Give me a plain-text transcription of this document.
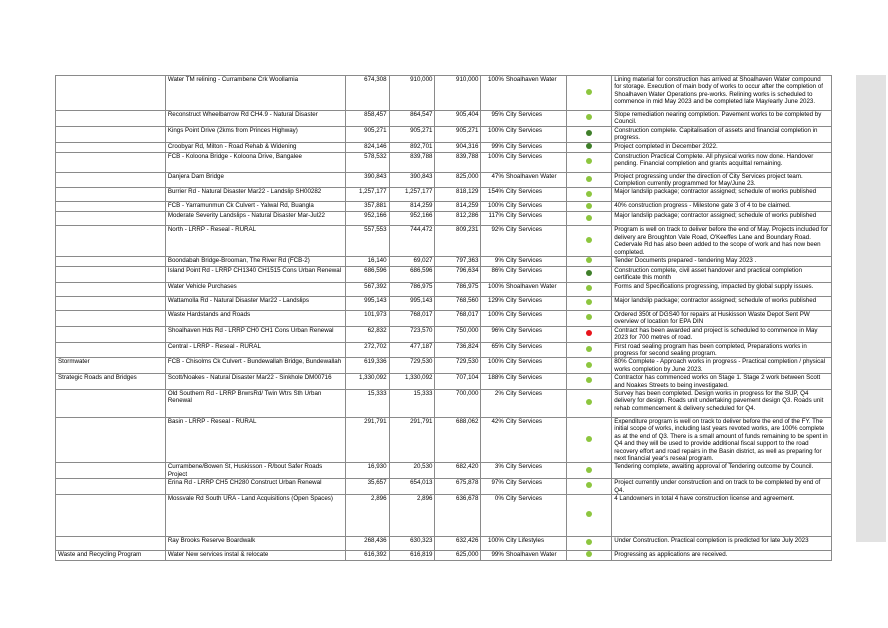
	Water TM relining - Currambene Crk Woollamia	674,308	910,000	910,000	100%	Shoalhaven Water		Lining material for construction has arrived at Shoalhaven Water compound for storage. Execution of main body of works to occur after the completion of Shoalhaven Water Operations pre-works. Relining works is scheduled to commence in mid May 2023 and be completed late May/early June 2023.
	Reconstruct Wheelbarrow Rd CH4.9 - Natural Disaster	858,457	864,547	905,404	95%	City Services		Slope remediation nearing completion. Pavement works to be completed by Council.
	Kings Point Drive (2kms from Princes Highway)	905,271	905,271	905,271	100%	City Services		Construction complete. Capitalisation of assets and financial completion in progress.
	Croobyar Rd, Milton - Road Rehab & Widening	824,146	892,701	904,316	99%	City Services		Project completed in December 2022.
	FCB - Koloona Bridge - Koloona Drive, Bangalee	578,532	839,788	839,788	100%	City Services		Construction Practical Complete. All physical works now done. Handover pending. Financial completion and grants acquittal remaining.
	Danjera Dam Bridge	390,843	390,843	825,000	47%	Shoalhaven Water		Project progressing under the direction of City Services project team. Completion currently programmed for May/June 23.
	Burrier Rd - Natural Disaster Mar22 - Landslip SH00282	1,257,177	1,257,177	818,129	154%	City Services		Major landslip package; contractor assigned; schedule of works published
	FCB - Yarramunmun Ck Culvert - Yalwal Rd, Buangla	357,881	814,259	814,259	100%	City Services		40% construction progress - Milestone gate 3 of 4 to be claimed.
	Moderate Severity Landslips - Natural Disaster Mar-Jul22	952,166	952,166	812,286	117%	City Services		Major landslip package; contractor assigned; schedule of works published
	North - LRRP - Reseal - RURAL	557,553	744,472	809,231	92%	City Services		Program is well on track to deliver before the end of May. Projects included for delivery are Broughton Vale Road, O'Keeffes Lane and Boundary Road. Cedervale Rd has also been added to the scope of work and has now been completed.
	Boondabah Bridge-Brooman, The River Rd (FCB-2)	16,140	69,027	797,363	9%	City Services		Tender Documents prepared - tendering May 2023 .
	Island Point Rd - LRRP CH1340 CH1515 Cons Urban Renewal	686,596	686,596	796,634	86%	City Services		Construction complete, civil asset handover and practical completion certificate this month
	Water Vehicle Purchases	567,392	786,975	786,975	100%	Shoalhaven Water		Forms and Specifications progressing, impacted by global supply issues.
	Wattamolla Rd - Natural Disaster Mar22 - Landslips	995,143	995,143	768,560	129%	City Services		Major landslip package; contractor assigned; schedule of works published
	Waste Hardstands and Roads	101,973	768,017	768,017	100%	City Services		Ordered 350t of DGS40 for repairs at Huskisson Waste Depot Sent PW overview of location for EPA DIN
	Shoalhaven Hds Rd - LRRP CH0 CH1 Cons Urban Renewal	62,832	723,570	750,000	96%	City Services		Contract has been awarded and project is scheduled to commence in May 2023 for 700 metres of road.
	Central - LRRP - Reseal - RURAL	272,702	477,187	736,824	65%	City Services		First road sealing program has been completed, Preparations works in progress for second sealing program.
Stormwater	FCB - Chisolms Ck Culvert - Bundewallah Bridge, Bundewallah	619,336	729,530	729,530	100%	City Services		80% Complete - Approach works in progress - Practical completion / physical works completion by June 2023.
Strategic Roads and Bridges	Scott/Noakes - Natural Disaster Mar22 - Sinkhole DM00716	1,330,092	1,330,092	707,104	188%	City Services		Contractor has commenced works on Stage 1. Stage 2 work between Scott and Noakes Streets to being investigated.
	Old Southern Rd - LRRP BrwrsRd/ Twin Wtrs Sth Urban Renewal	15,333	15,333	700,000	2%	City Services		Survey has been completed. Design works in progress for the SUP, Q4 delivery for design. Roads unit undertaking pavement design Q3. Roads unit rehab commencement & delivery scheduled for Q4.
	Basin - LRRP - Reseal - RURAL	291,791	291,791	688,062	42%	City Services		Expenditure program is well on track to deliver before the end of the FY. The initial scope of works, including last years revoted works, are 100% complete as at the end of Q3. There is a small amount of funds remaining to be spent in Q4 and they will be used to provide additional fiscal support to the road recovery effort and road repairs in the Basin district, as well as preparing for next financial year's reseal program.
	Currambene/Bowen St, Huskisson - R/bout Safer Roads Project	16,930	20,530	682,420	3%	City Services		Tendering complete, awaiting approval of Tendering outcome by Council.
	Erina Rd - LRRP CH5 CH280 Construct Urban Renewal	35,657	654,013	675,878	97%	City Services		Project currently under construction and on track to be completed by end of Q4.
	Mossvale Rd South URA - Land Acquisitions (Open Spaces)	2,896	2,896	636,678	0%	City Services		4 Landowners in total 4 have construction license and agreement.
	Ray Brooks Reserve Boardwalk	268,436	630,323	632,426	100%	City Lifestyles		Under Construction. Practical completion is predicted for late July 2023
Waste and Recycling Program	Water New services instal & relocate	616,392	616,819	625,000	99%	Shoalhaven Water		Progressing as applications are received.
